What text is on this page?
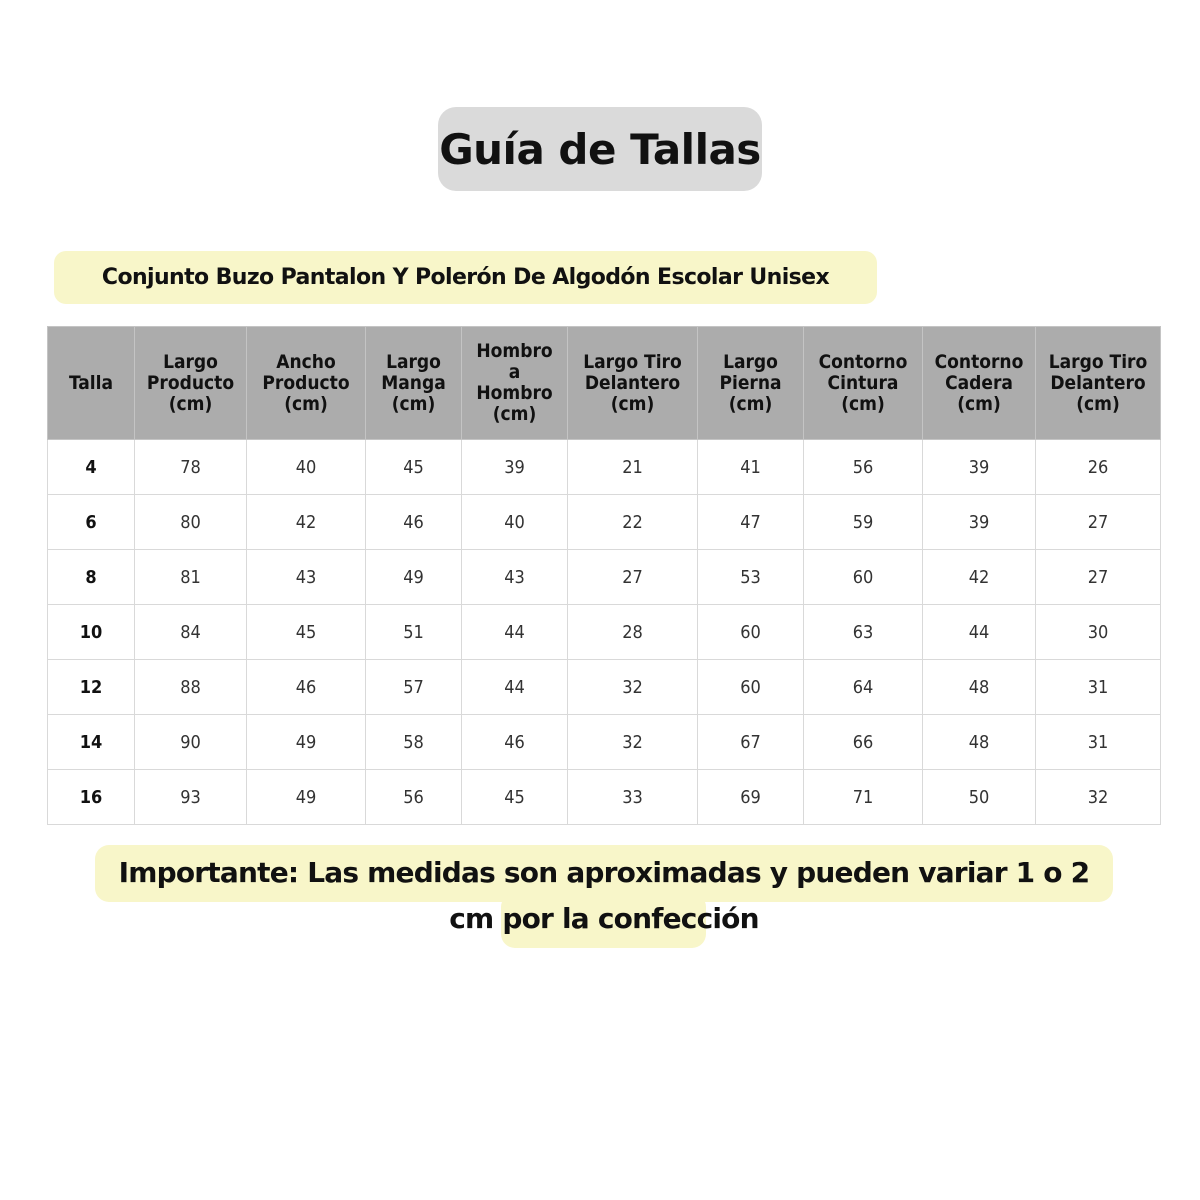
Guía de Tallas
Conjunto Buzo Pantalon Y Polerón De Algodón Escolar Unisex
Talla	Largo
Producto
(cm)	Ancho
Producto
(cm)	Largo
Manga
(cm)	Hombro
a
Hombro
(cm)	Largo Tiro
Delantero
(cm)	Largo
Pierna
(cm)	Contorno
Cintura
(cm)	Contorno
Cadera
(cm)	Largo Tiro
Delantero
(cm)

4	78	40	45	39	21	41	56	39	26
6	80	42	46	40	22	47	59	39	27
8	81	43	49	43	27	53	60	42	27
10	84	45	51	44	28	60	63	44	30
12	88	46	57	44	32	60	64	48	31
14	90	49	58	46	32	67	66	48	31
16	93	49	56	45	33	69	71	50	32
Importante: Las medidas son aproximadas y pueden variar 1 o 2 cm por la confección
